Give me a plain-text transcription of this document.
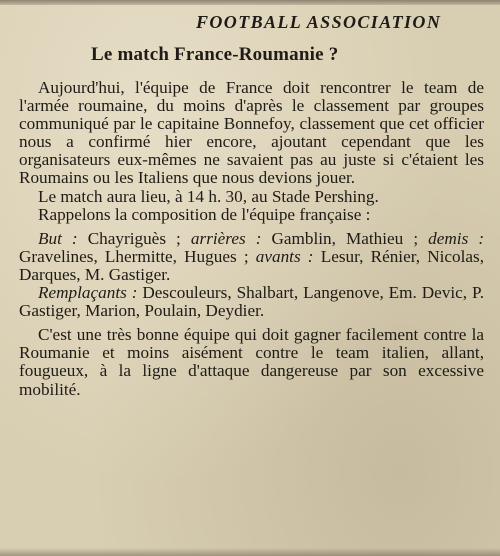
FOOTBALL ASSOCIATION
Le match France-Roumanie ?

Aujourd'hui, l'équipe de France doit rencontrer le team de l'armée roumaine, du moins d'après le classement par groupes communiqué par le capitaine Bonnefoy, classement que cet officier nous a confirmé hier encore, ajoutant cependant que les organisateurs eux-mêmes ne savaient pas au juste si c'étaient les Roumains ou les Italiens que nous devions jouer.

Le match aura lieu, à 14 h. 30, au Stade Pershing.

Rappelons la composition de l'équipe française :

But : Chayriguès ; arrières : Gamblin, Mathieu ; demis : Gravelines, Lhermitte, Hugues ; avants : Lesur, Rénier, Nicolas, Darques, M. Gastiger.

Remplaçants : Descouleurs, Shalbart, Langenove, Em. Devic, P. Gastiger, Marion, Poulain, Deydier.

C'est une très bonne équipe qui doit gagner facilement contre la Roumanie et moins aisément contre le team italien, allant, fougueux, à la ligne d'attaque dangereuse par son excessive mobilité.
